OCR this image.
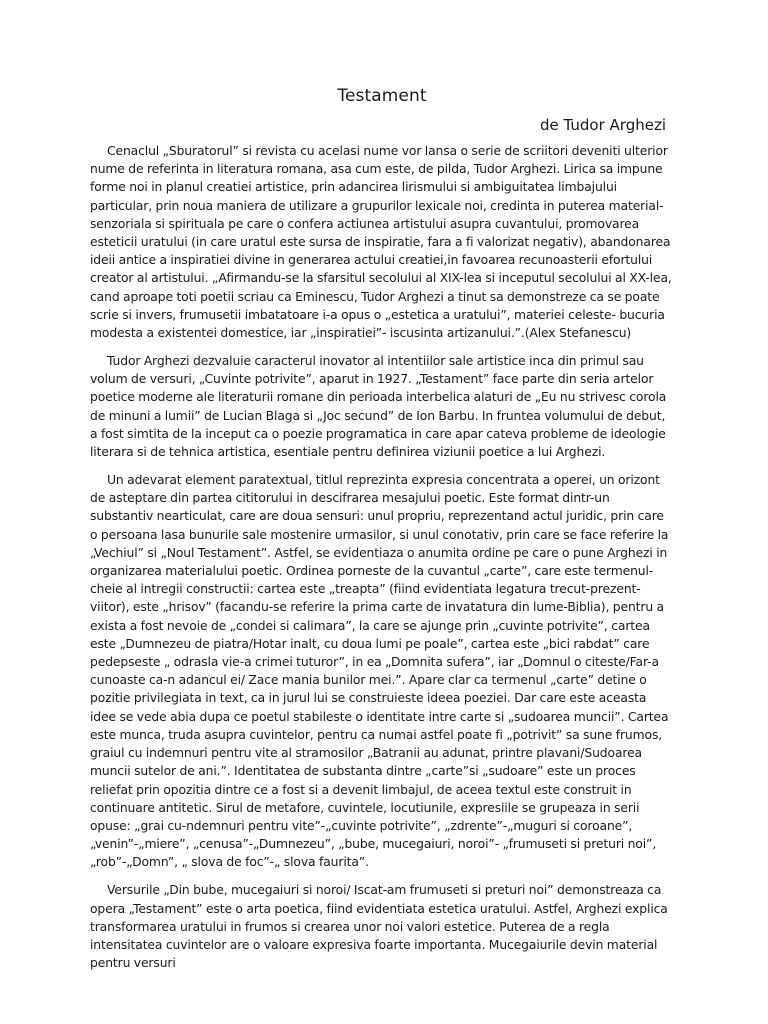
Testament
de Tudor Arghezi

Cenaclul „Sburatorul” si revista cu acelasi nume vor lansa o serie de scriitori deveniti ulterior nume de referinta in literatura romana, asa cum este, de pilda, Tudor Arghezi. Lirica sa impune forme noi in planul creatiei artistice, prin adancirea lirismului si ambiguitatea limbajului particular, prin noua maniera de utilizare a grupurilor lexicale noi, credinta in puterea material-senzoriala si spirituala pe care o confera actiunea artistului asupra cuvantului, promovarea esteticii uratului (in care uratul este sursa de inspiratie, fara a fi valorizat negativ), abandonarea ideii antice a inspiratiei divine in generarea actului creatiei,in favoarea recunoasterii efortului creator al artistului. „Afirmandu-se la sfarsitul secolului al XIX-lea si inceputul secolului al XX-lea, cand aproape toti poetii scriau ca Eminescu, Tudor Arghezi a tinut sa demonstreze ca se poate scrie si invers, frumusetii imbatatoare i-a opus o „estetica a uratului”, materiei celeste- bucuria modesta a existentei domestice, iar „inspiratiei”- iscusinta artizanului.”.(Alex Stefanescu)

Tudor Arghezi dezvaluie caracterul inovator al intentiilor sale artistice inca din primul sau volum de versuri, „Cuvinte potrivite”, aparut in 1927. „Testament” face parte din seria artelor poetice moderne ale literaturii romane din perioada interbelica alaturi de „Eu nu strivesc corola de minuni a lumii” de Lucian Blaga si „Joc secund” de Ion Barbu. In fruntea volumului de debut, a fost simtita de la inceput ca o poezie programatica in care apar cateva probleme de ideologie literara si de tehnica artistica, esentiale pentru definirea viziunii poetice a lui Arghezi.

Un adevarat element paratextual, titlul reprezinta expresia concentrata a operei, un orizont de asteptare din partea cititorului in descifrarea mesajului poetic. Este format dintr-un substantiv nearticulat, care are doua sensuri: unul propriu, reprezentand actul juridic, prin care o persoana lasa bunurile sale mostenire urmasilor, si unul conotativ, prin care se face referire la „Vechiul” si „Noul Testament”. Astfel, se evidentiaza o anumita ordine pe care o pune Arghezi in organizarea materialului poetic. Ordinea porneste de la cuvantul „carte”, care este termenul-cheie al intregii constructii: cartea este „treapta” (fiind evidentiata legatura trecut-prezent-viitor), este „hrisov” (facandu-se referire la prima carte de invatatura din lume-Biblia), pentru a exista a fost nevoie de „condei si calimara”, la care se ajunge prin „cuvinte potrivite”, cartea este „Dumnezeu de piatra/Hotar inalt, cu doua lumi pe poale”, cartea este „bici rabdat” care pedepseste „ odrasla vie-a crimei tuturor”, in ea „Domnita sufera”, iar „Domnul o citeste/Far-a cunoaste ca-n adancul ei/ Zace mania bunilor mei.”. Apare clar ca termenul „carte” detine o pozitie privilegiata in text, ca in jurul lui se construieste ideea poeziei. Dar care este aceasta idee se vede abia dupa ce poetul stabileste o identitate intre carte si „sudoarea muncii”. Cartea este munca, truda asupra cuvintelor, pentru ca numai astfel poate fi „potrivit” sa sune frumos, graiul cu indemnuri pentru vite al stramosilor „Batranii au adunat, printre plavani/Sudoarea muncii sutelor de ani.”. Identitatea de substanta dintre „carte”si „sudoare” este un proces reliefat prin opozitia dintre ce a fost si a devenit limbajul, de aceea textul este construit in continuare antitetic. Sirul de metafore, cuvintele, locutiunile, expresiile se grupeaza in serii opuse: „grai cu-ndemnuri pentru vite”-„cuvinte potrivite”, „zdrente”-„muguri si coroane”, „venin”-„miere”, „cenusa”-„Dumnezeu”, „bube, mucegaiuri, noroi”- „frumuseti si preturi noi”, „rob”-„Domn”, „ slova de foc”-„ slova faurita”.

Versurile „Din bube, mucegaiuri si noroi/ Iscat-am frumuseti si preturi noi” demonstreaza ca opera „Testament” este o arta poetica, fiind evidentiata estetica uratului. Astfel, Arghezi explica transformarea uratului in frumos si crearea unor noi valori estetice. Puterea de a regla intensitatea cuvintelor are o valoare expresiva foarte importanta. Mucegaiurile devin material pentru versuri
